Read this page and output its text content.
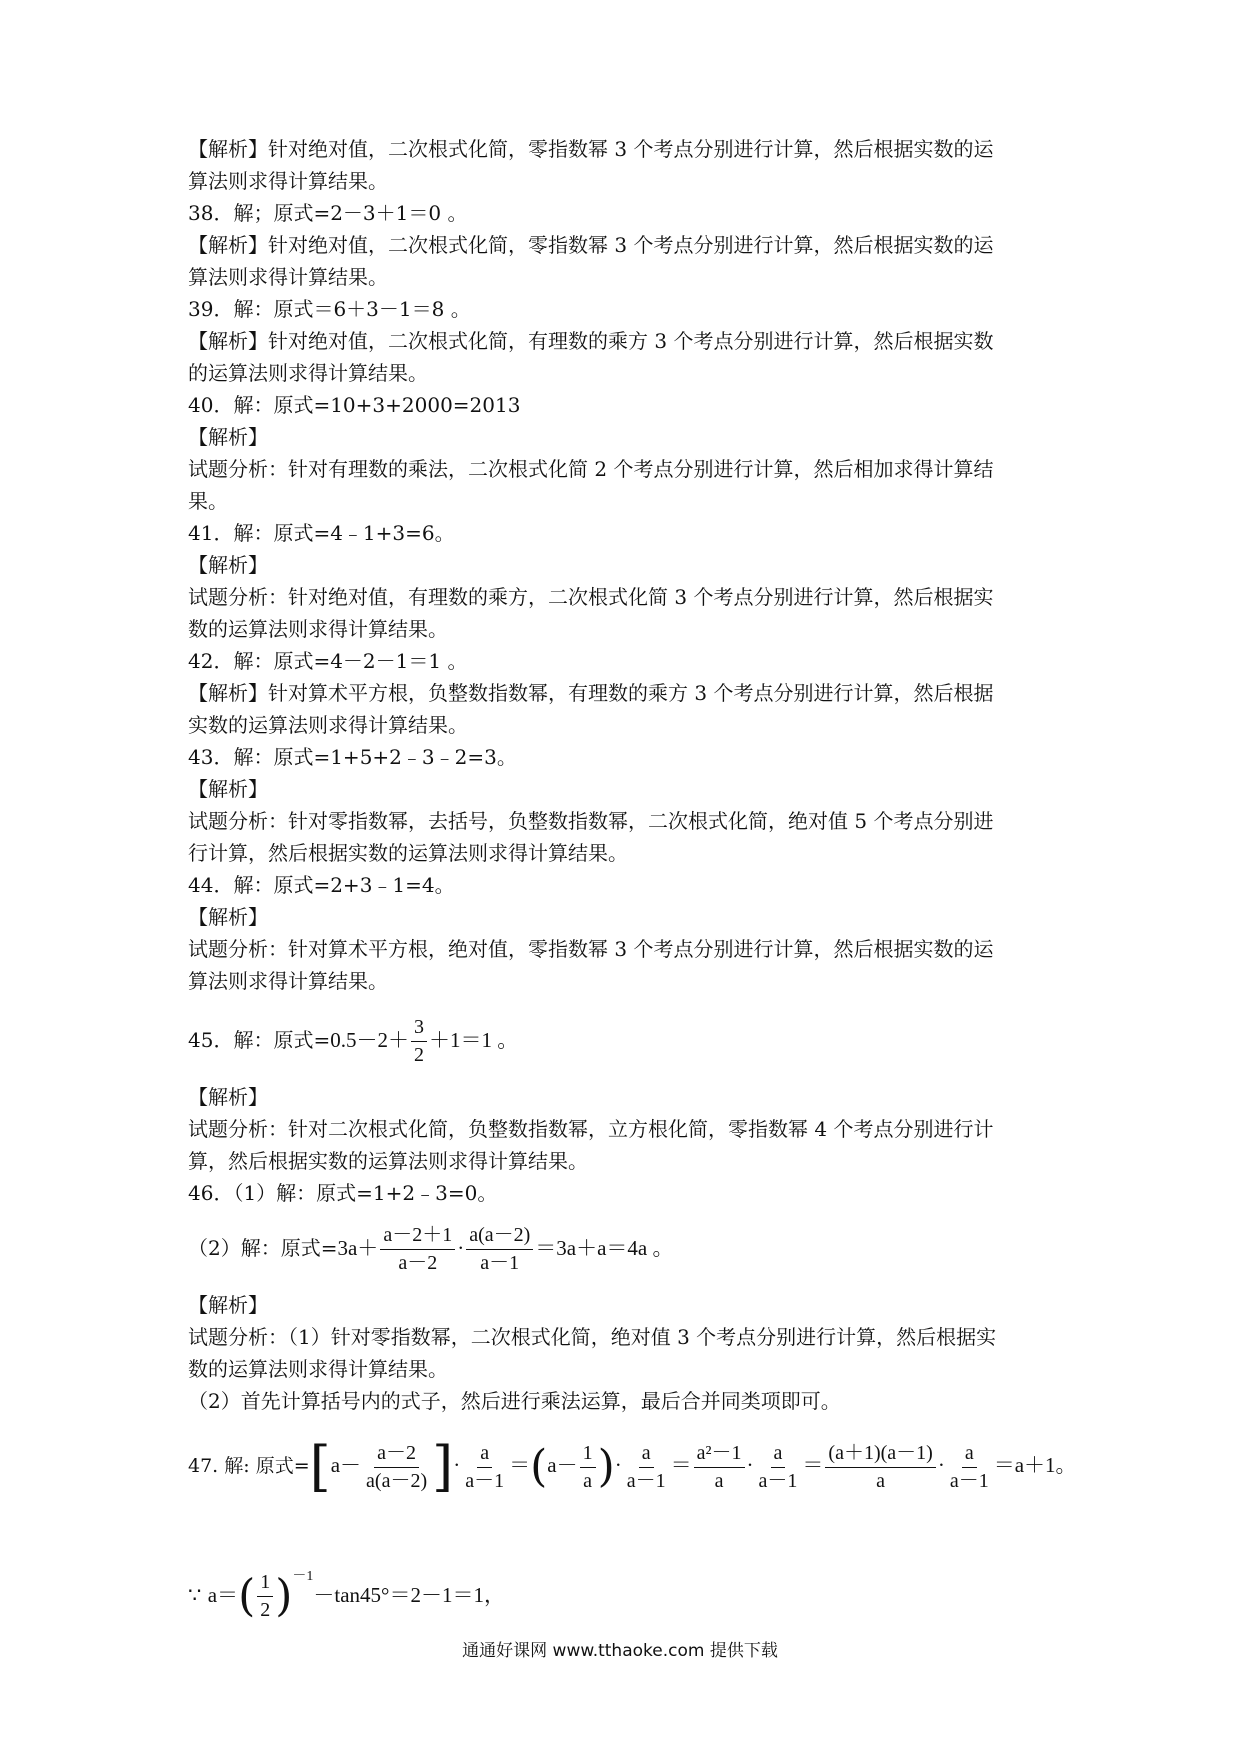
【解析】针对绝对值，二次根式化简，零指数幂 3 个考点分别进行计算，然后根据实数的运
算法则求得计算结果。
38．解；原式=2－3＋1＝0 。
【解析】针对绝对值，二次根式化简，零指数幂 3 个考点分别进行计算，然后根据实数的运
算法则求得计算结果。
39．解：原式＝6＋3－1＝8 。
【解析】针对绝对值，二次根式化简，有理数的乘方 3 个考点分别进行计算，然后根据实数
的运算法则求得计算结果。
40．解：原式=10+3+2000=2013
【解析】
试题分析：针对有理数的乘法，二次根式化简 2 个考点分别进行计算，然后相加求得计算结
果。
41．解：原式=4﹣1+3=6。
【解析】
试题分析：针对绝对值，有理数的乘方，二次根式化简 3 个考点分别进行计算，然后根据实
数的运算法则求得计算结果。
42．解：原式=4－2－1＝1 。
【解析】针对算术平方根，负整数指数幂，有理数的乘方 3 个考点分别进行计算，然后根据
实数的运算法则求得计算结果。
43．解：原式=1+5+2﹣3﹣2=3。
【解析】
试题分析：针对零指数幂，去括号，负整数指数幂，二次根式化简，绝对值 5 个考点分别进
行计算，然后根据实数的运算法则求得计算结果。
44．解：原式=2+3﹣1=4。
【解析】
试题分析：针对算术平方根，绝对值，零指数幂 3 个考点分别进行计算，然后根据实数的运
算法则求得计算结果。
45．解：原式$=0.5-2+ \frac{3}{2} +1=1$ 。
【解析】
试题分析：针对二次根式化简，负整数指数幂，立方根化简，零指数幂 4 个考点分别进行计
算，然后根据实数的运算法则求得计算结果。
46．（1）解：原式=1+2﹣3=0。
（2）解：原式$=3a+ \frac{a-2+1}{a-2} \cdot \frac{a(a-2)}{a-1} =3a+a=4a$ 。
【解析】
试题分析：（1）针对零指数幂，二次根式化简，绝对值 3 个考点分别进行计算，然后根据实
数的运算法则求得计算结果。
（2）首先计算括号内的式子，然后进行乘法运算，最后合并同类项即可。
47. 解: 原式$=[a- \frac{a-2}{a(a-2)}$ ]· $\frac{a}{a-1} =(a- \frac{1}{a}$ )· $\frac{a}{a-1} = \frac{\text{a²－1}}{a} \cdot \frac{a}{a-1} = \frac{(a+1)(a-1)}{a} \cdot \frac{a}{a-1} =a+1$。
∵ $a=( \frac{1}{2} )^{-1}-\tan 45^\circ=2-1=1$，
通通好课网 www.tthaoke.com 提供下载
